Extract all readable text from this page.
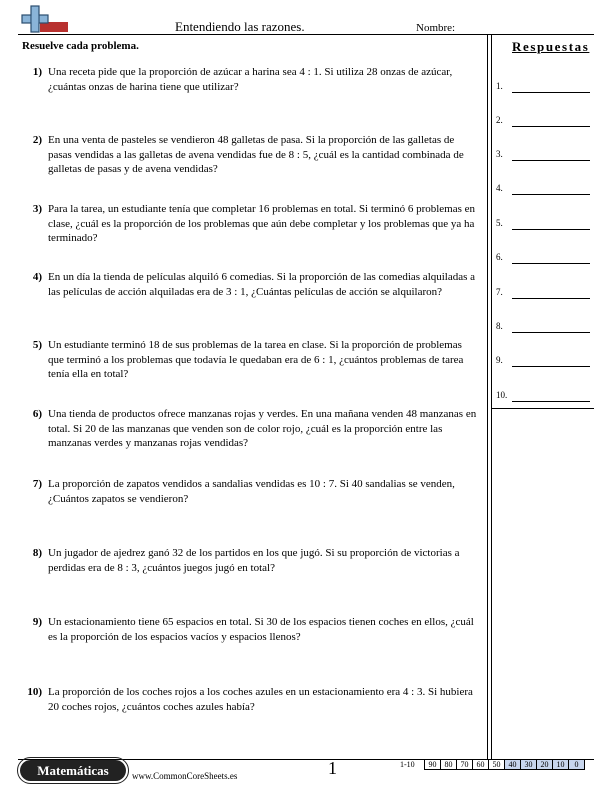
Entendiendo las razones.	Nombre:
Resuelve cada problema.	Respuestas
1.
2.
3.
4.
5.
6.
7.
8.
9.
10.
1) Una receta pide que la proporción de azúcar a harina sea 4 : 1. Si utiliza 28 onzas de azúcar, ¿cuántas onzas de harina tiene que utilizar?
2) En una venta de pasteles se vendieron 48 galletas de pasa. Si la proporción de las galletas de pasas vendidas a las galletas de avena vendidas fue de 8 : 5, ¿cuál es la cantidad combinada de galletas de pasas y de avena vendidas?
3) Para la tarea, un estudiante tenía que completar 16 problemas en total. Si terminó 6 problemas en clase, ¿cuál es la proporción de los problemas que aún debe completar y los problemas que ya ha terminado?
4) En un día la tienda de películas alquiló 6 comedias. Si la proporción de las comedias alquiladas a las películas de acción alquiladas era de 3 : 1, ¿Cuántas películas de acción se alquilaron?
5) Un estudiante terminó 18 de sus problemas de la tarea en clase. Si la proporción de problemas que terminó a los problemas que todavía le quedaban era de 6 : 1, ¿cuántos problemas de tarea tenía ella en total?
6) Una tienda de productos ofrece manzanas rojas y verdes. En una mañana venden 48 manzanas en total. Si 20 de las manzanas que venden son de color rojo, ¿cuál es la proporción entre las manzanas verdes y manzanas rojas vendidas?
7) La proporción de zapatos vendidos a sandalias vendidas es 10 : 7. Si 40 sandalias se venden, ¿Cuántos zapatos se vendieron?
8) Un jugador de ajedrez ganó 32 de los partidos en los que jugó. Si su proporción de victorias a perdidas era de 8 : 3, ¿cuántos juegos jugó en total?
9) Un estacionamiento tiene 65 espacios en total. Si 30 de los espacios tienen coches en ellos, ¿cuál es la proporción de los espacios vacíos y espacios llenos?
10) La proporción de los coches rojos a los coches azules en un estacionamiento era 4 : 3. Si hubiera 20 coches rojos, ¿cuántos coches azules había?
Matemáticas	www.CommonCoreSheets.es	1	1-10	90	80	70	60	50	40	30	20	10	0
